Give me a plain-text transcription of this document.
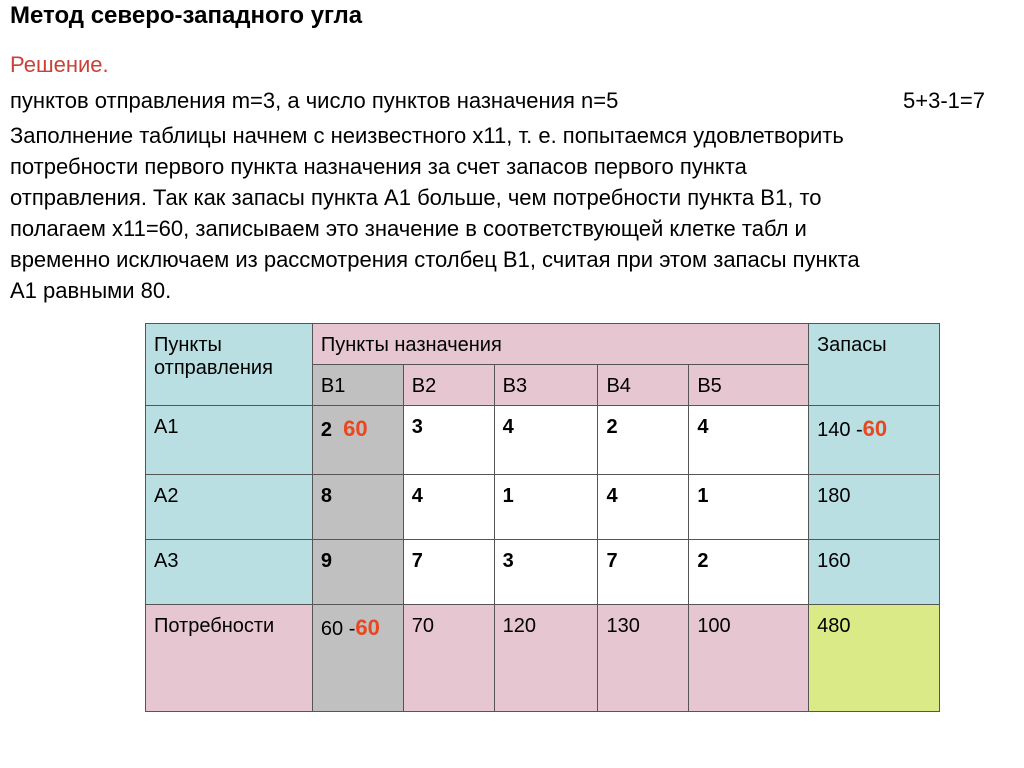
Метод северо-западного угла
Решение.
пунктов отправления m=3, а число пунктов назначения n=5	5+3-1=7
Заполнение таблицы начнем с неизвестного х11, т. е. попытаемся удовлетворить
потребности первого пункта назначения за счет запасов первого пункта
отправления. Так как запасы пункта А1 больше, чем потребности пункта В1, то
полагаем х11=60, записываем это значение в соответствующей клетке табл и
временно исключаем из рассмотрения столбец В1, считая при этом запасы пункта
А1 равными 80.
Пункты отправления	Пункты назначения					Запасы

	В1	В2	В3	В4	В5	

А1	2 60	3	4	2	4	140 -60

А2	8	4	1	4	1	180

А3	9	7	3	7	2	160

Потребности	60 -60	70	120	130	100	480
